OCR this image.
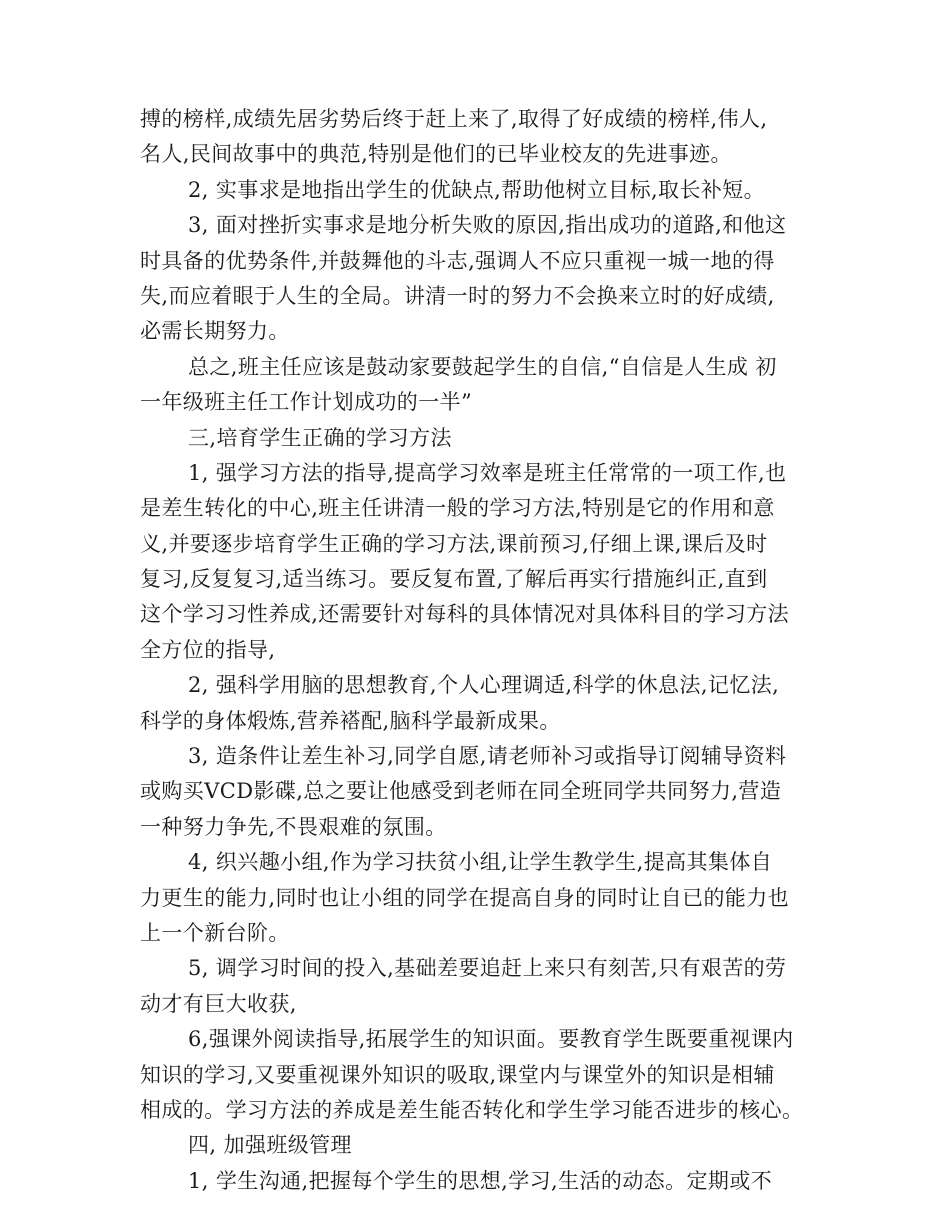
搏的榜样,成绩先居劣势后终于赶上来了,取得了好成绩的榜样,伟人,
名人,民间故事中的典范,特别是他们的已毕业校友的先进事迹。
2, 实事求是地指出学生的优缺点,帮助他树立目标,取长补短。
3, 面对挫折实事求是地分析失败的原因,指出成功的道路,和他这
时具备的优势条件,并鼓舞他的斗志,强调人不应只重视一城一地的得
失,而应着眼于人生的全局。讲清一时的努力不会换来立时的好成绩,
必需长期努力。
总之,班主任应该是鼓动家要鼓起学生的自信,“自信是人生成 初
一年级班主任工作计划成功的一半”
三,培育学生正确的学习方法
1, 强学习方法的指导,提高学习效率是班主任常常的一项工作,也
是差生转化的中心,班主任讲清一般的学习方法,特别是它的作用和意
义,并要逐步培育学生正确的学习方法,课前预习,仔细上课,课后及时
复习,反复复习,适当练习。要反复布置,了解后再实行措施纠正,直到
这个学习习性养成,还需要针对每科的具体情况对具体科目的学习方法
全方位的指导,
2, 强科学用脑的思想教育,个人心理调适,科学的休息法,记忆法,
科学的身体煅炼,营养褡配,脑科学最新成果。
3, 造条件让差生补习,同学自愿,请老师补习或指导订阅辅导资料
或购买VCD影碟,总之要让他感受到老师在同全班同学共同努力,营造
一种努力争先,不畏艰难的氛围。
4, 织兴趣小组,作为学习扶贫小组,让学生教学生,提高其集体自
力更生的能力,同时也让小组的同学在提高自身的同时让自已的能力也
上一个新台阶。
5, 调学习时间的投入,基础差要追赶上来只有刻苦,只有艰苦的劳
动才有巨大收获,
6,强课外阅读指导,拓展学生的知识面。要教育学生既要重视课内
知识的学习,又要重视课外知识的吸取,课堂内与课堂外的知识是相辅
相成的。学习方法的养成是差生能否转化和学生学习能否进步的核心。
四, 加强班级管理
1, 学生沟通,把握每个学生的思想,学习,生活的动态。定期或不
